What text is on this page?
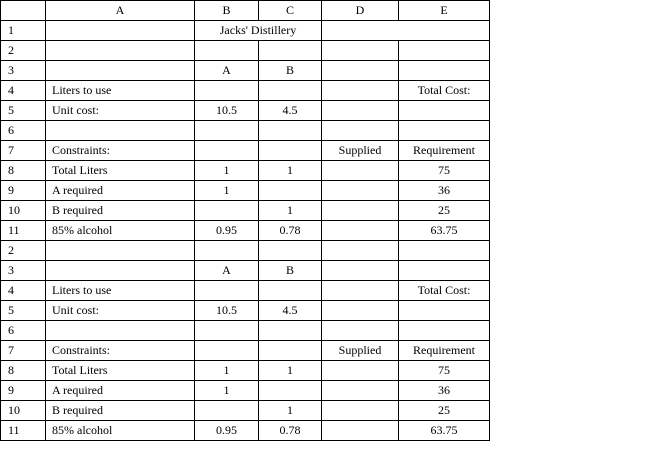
	A	B	C	D	E
1		Jacks' Distillery			
2					
3		A	B		
4	Liters to use				Total Cost:
5	Unit cost:	10.5	4.5		
6					
7	Constraints:			Supplied	Requirement
8	Total Liters	1	1		75
9	A required	1			36
10	B required		1		25
11	85% alcohol	0.95	0.78		63.75
2					
3		A	B		
4	Liters to use				Total Cost:
5	Unit cost:	10.5	4.5		
6					
7	Constraints:			Supplied	Requirement
8	Total Liters	1	1		75
9	A required	1			36
10	B required		1		25
11	85% alcohol	0.95	0.78		63.75
